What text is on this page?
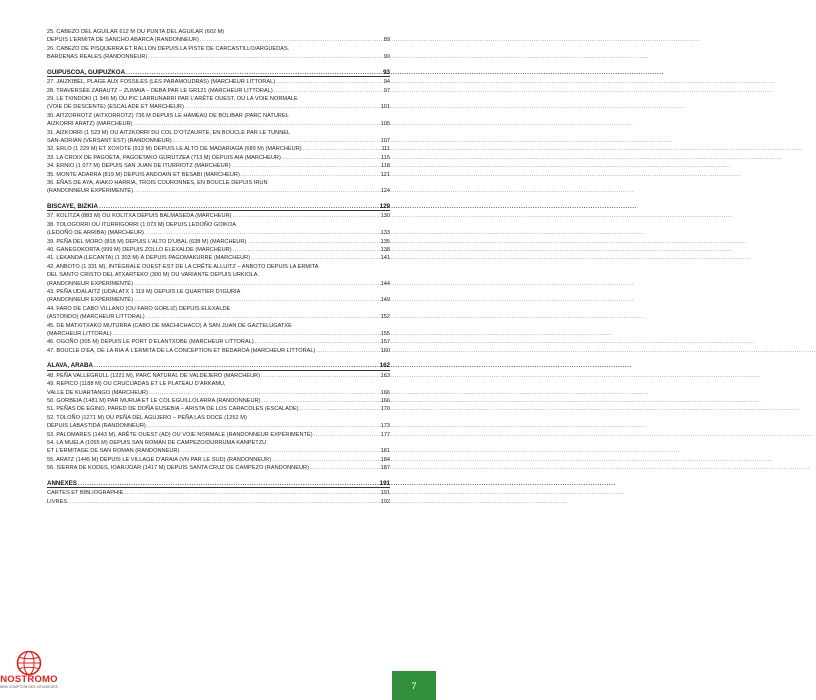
25. CABEZO DEL AGUILAR 612 M OU PUNTA DEL AGUILAR (602 M)
DEPUIS L’ERMITA DE SANCHO ABARCA (RANDONNEUR) .....	89
26. CABEZO DE PISQUERRA ET RALLON DEPUIS LA PISTE DE CARCASTILLO/ARGUEDAS.
BARDENAS REALES (RANDONNEUR) .....	90
GUIPUSCOA, GUIPUZKOA .....	93
27. JAIZKIBEL, PLAGE AUX FOSSILES (LES PARAMOUDRAS) (MARCHEUR LITTORAL) .....	94
28. TRAVERSÉE ZARAUTZ – ZUMAIA – DEBA PAR LE GR121 (MARCHEUR LITTORAL) .....	97
29. LE TXINDOKI (1 346 M) OU PIC LARRUNARRI PAR L’ARÊTE OUEST, OU LA VOIE NORMALE
(VOIE DE DESCENTE) (ESCALADE ET MARCHEUR) .....	101
30. AITZORROTZ (AITXORROTZ) 736 M DEPUIS LE HAMEAU DE BOLIBAR (PARC NATUREL
AIZKORRI ARATZ) (MARCHEUR) .....	105
31. AIZKORRI (1 523 M) OU AITZKORRI DU COL D’OTZAURTE, EN BOUCLE PAR LE TUNNEL
SAN-ADRIAN (VERSANT EST) (RANDONNEUR) .....	107
32. ERLO (1 229 M) ET XOXOTE (913 M) DEPUIS LE ALTO DE MADARIAGA (689 M) (MARCHEUR) .....	111
33. LA CROIX DE PAGOETA, PAGOETAKO GURUTZEA (713 M) DEPUIS AIA (MARCHEUR) .....	115
34. ERNIO (1 077 M) DEPUIS SAN JUAN DE ITURRIOTZ (MARCHEUR) .....	118
35. MONTE ADARRA (819 M) DEPUIS ANDOAIN ET BESABI (MARCHEUR) .....	121
36. EÑAS DE AYA, AIAKO HARRIA, TROIS COURONNES, EN BOUCLE DEPUIS IRUN
(RANDONNEUR EXPÉRIMENTÉ) .....	124
BISCAYE, BIZKIA .....	129
37. KOLITZA (883 M) OU KOLITXA DEPUIS BALMASEDA (MARCHEUR) .....	130
38. TOLOGORRI OU ITURRIGORRI (1 073 M) DEPUIS LEDOÑO GOIKOA
(LEDOÑO DE ARRIBA) (MARCHEUR) .....	133
39. PEÑA DEL MORO (818 M) DEPUIS L’ALTO D’UBAL (638 M) (MARCHEUR) .....	135
40. GANEGOKORTA (999 M) DEPUIS ZOLLO ELEXALDE (MARCHEUR) .....	138
41. LEKANDA (LECANTA) (1 303 M) À DEPUIS PAGOMAKURRE (MARCHEUR) .....	141
42. ANBOTO (1 331 M), INTÉGRALE OUEST-EST DE LA CRÊTE ALLUITZ – ANBOTO DEPUIS LA ERMITA
DEL SANTO CRISTO DEL ATXARTEKO (300 M) OU VARIANTE DEPUIS URKIOLA.
(RANDONNEUR EXPÉRIMENTÉ) .....	144
43. PEÑA UDALAITZ (UDALATX 1 119 M) DEPUIS LE QUARTIER D’IGURIA
(RANDONNEUR EXPÉRIMENTÉ) .....	149
44. FARO DE CABO VILLANO (OU FARO GORLIZ) DEPUIS ELEXALDE
(ASTONDO) (MARCHEUR LITTORAL) .....	152
45. DE MATXITXAKO MUTURRA (CABO DE MACHICHACO) À SAN JUAN DE GAZTELUGATXE
(MARCHEUR LITTORAL) .....	155
46. OGOÑO (305 M) DEPUIS LE PORT D’ELANTXOBE (MARCHEUR LITTORAL) .....	157
47. BOUCLE D’EA, DE LA RIA À L’ERMITA DE LA CONCEPTION ET BEDAROA (MARCHEUR LITTORAL) .....	160
ALAVA, ARABA .....	162
48. PEÑA VALLEGRULL (1221 M), PARC NATURAL DE VALDEJERO (MARCHEUR) .....	163
49. REPICO (1188 M) OU CRUCIJADAS ET LE PLATEAU D’ARKAMU,
VALLE DE KUARTANGO (MARCHEUR) .....	166
50. GORBEIA (1481 M) PAR MURUA ET LE COL EGUILLOLARRA (RANDONNEUR) .....	166
51. PEÑAS DE EGINO, PARED DE DOÑA EUSEBIA – ARISTA DE LOS CARACOLES (ESCALADE) .....	170
52. TOLOÑO (1271 M) OU PEÑA DEL AGUJERO – PEÑA LAS DOCE (1252 M)
DEPUIS LABASTIDA (RANDONNEUR) .....	173
53. PALOMARES (1443 M), ARÊTE OUEST (AD) OU VOIE NORMALE (RANDONNEUR EXPÉRIMENTÉ) .....	177
54. LA MUELA (1055 M) DEPUIS SAN ROMÁN DE CAMPEZO/DURRUMA KANPETZU
ET L’ERMITAGE DE SAN ROMAN (RANDONNEUR) .....	181
55. ARATZ (1445 M) DEPUIS LE VILLAGE D’ARAIA (VN PAR LE SUD) (RANDONNEUR) .....	184
56. SIERRA DE KODES, IOAR/JOAR (1417 M) DEPUIS SANTA CRUZ DE CAMPEZO (RANDONNEUR) .....	187
ANNEXES .....	191
CARTES ET BIBLIOGRAPHIE .....	191
LIVRES .....	192
NOSTROMO
WEB COMPTOIR DES VOYAGEURS	7
